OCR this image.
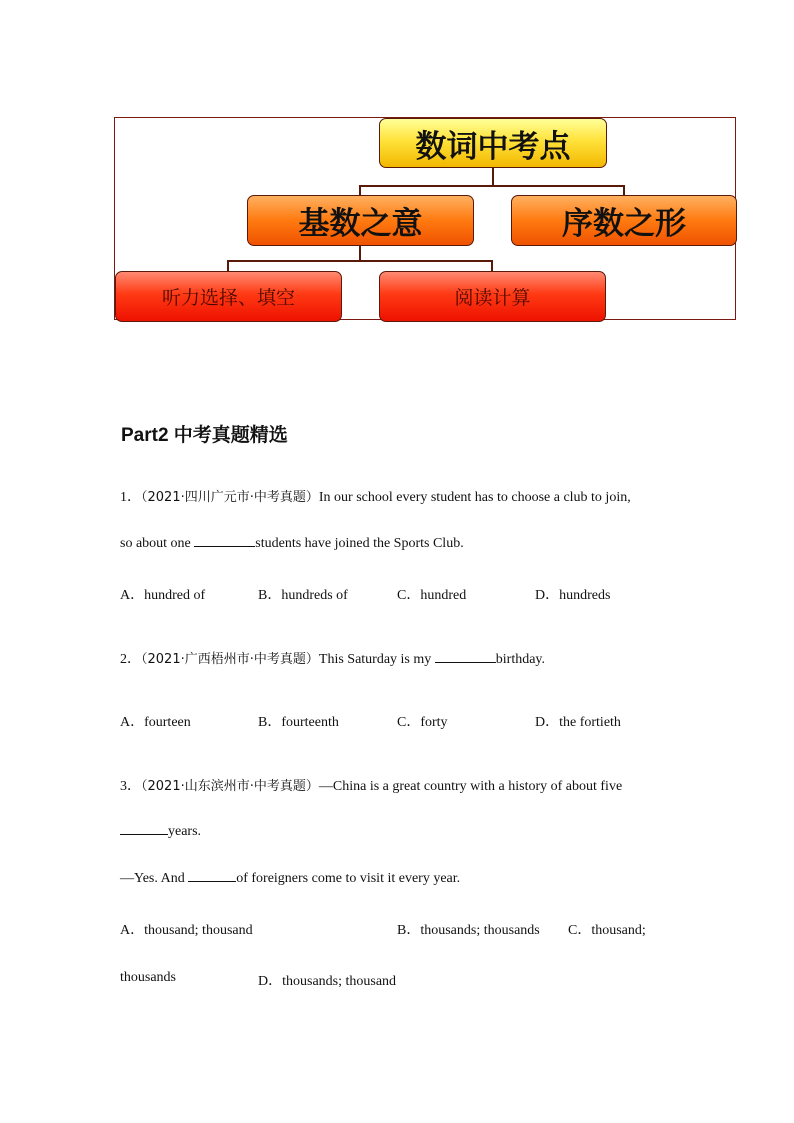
数词中考点
基数之意	序数之形
听力选择、填空	阅读计算
Part2 中考真题精选
1．（2021·四川广元市·中考真题）In our school every student has to choose a club to join,
so about one	students have joined the Sports Club.
A．hundred of	B．hundreds of	C．hundred	D．hundreds
2．（2021·广西梧州市·中考真题）This Saturday is my	birthday.
A．fourteen	B．fourteenth	C．forty	D．the fortieth
3．（2021·山东滨州市·中考真题）—China is a great country with a history of about five
years.
—Yes. And	of foreigners come to visit it every year.
A．thousand; thousand	B．thousands; thousands C．thousand;
thousands	D．thousands; thousand
